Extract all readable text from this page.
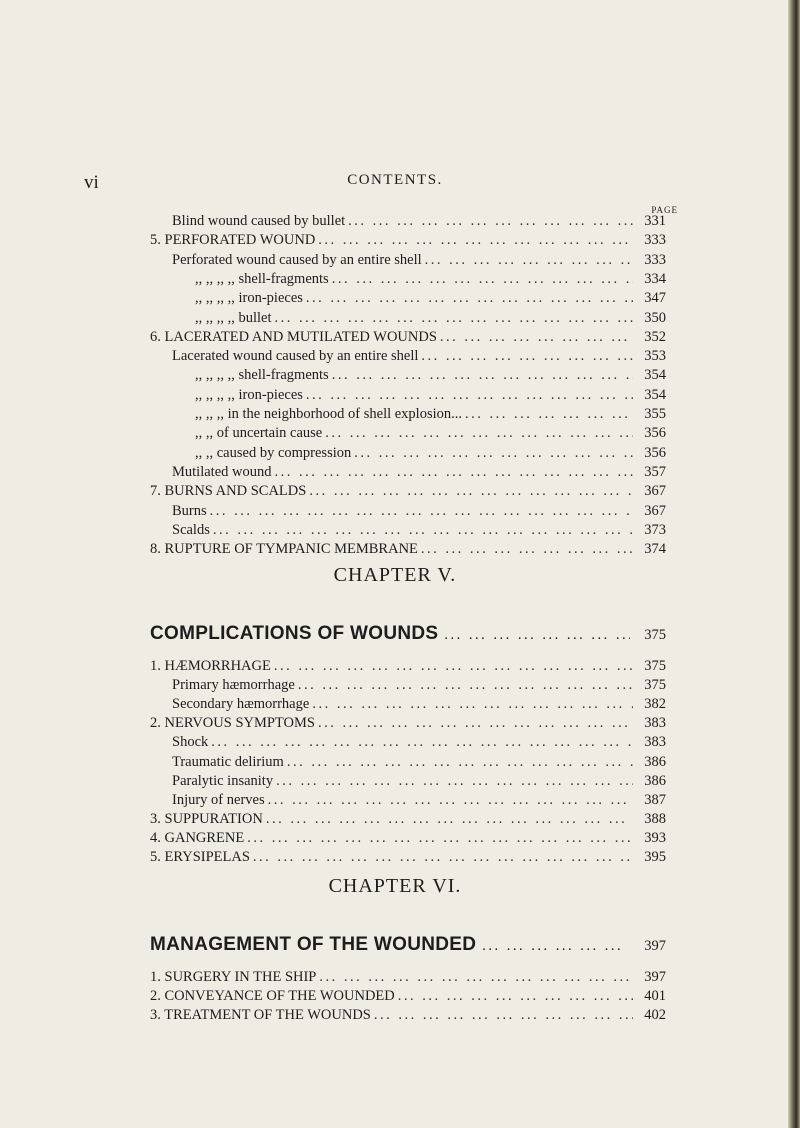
vi	CONTENTS.
PAGE
Blind wound caused by bullet ... .	331
5. PERFORATED WOUND ... .	333
Perforated wound caused by an entire shell ... .	333
,, ,, ,, ,, shell-fragments ... .	334
,, ,, ,, ,, iron-pieces ... .	347
,, ,, ,, ,, bullet ... .	350
6. LACERATED AND MUTILATED WOUNDS ... .	352
Lacerated wound caused by an entire shell ... .	353
,, ,, ,, ,, shell-fragments ... .	354
,, ,, ,, ,, iron-pieces ... .	354
,, ,, ,, in the neighborhood of shell explosion... ... .	355
,, ,, of uncertain cause ... .	356
,, ,, caused by compression ... .	356
Mutilated wound ... .	357
7. BURNS AND SCALDS ... .	367
Burns ... .	367
Scalds ... .	373
8. RUPTURE OF TYMPANIC MEMBRANE ... .	374
CHAPTER V.
COMPLICATIONS OF WOUNDS ... .	375
1. HÆMORRHAGE ... .	375
Primary hæmorrhage ... .	375
Secondary hæmorrhage ... .	382
2. NERVOUS SYMPTOMS ... .	383
Shock ... .	383
Traumatic delirium ... .	386
Paralytic insanity ... .	386
Injury of nerves ... .	387
3. SUPPURATION ... .	388
4. GANGRENE ... .	393
5. ERYSIPELAS ... .	395
CHAPTER VI.
MANAGEMENT OF THE WOUNDED ... .	397
1. SURGERY IN THE SHIP ... .	397
2. CONVEYANCE OF THE WOUNDED ... .	401
3. TREATMENT OF THE WOUNDS ... .	402
